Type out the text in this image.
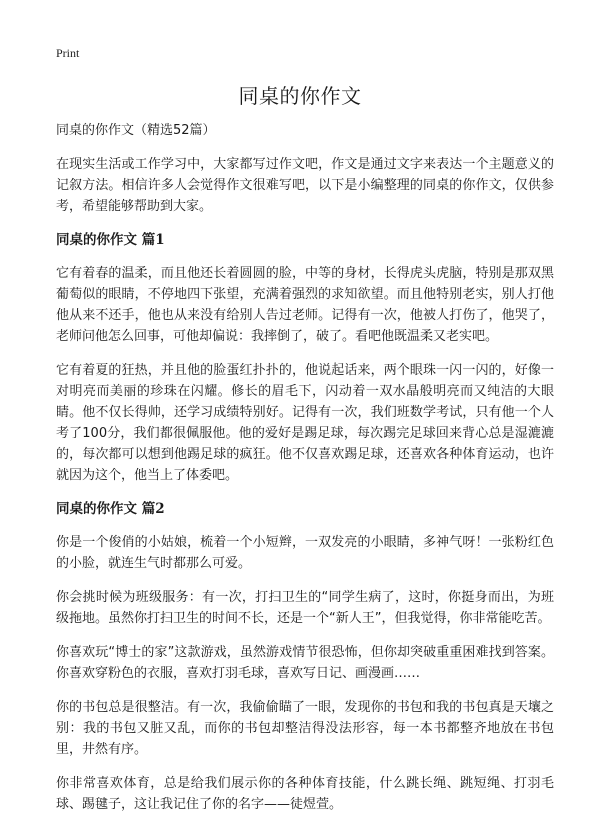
Print
同桌的你作文

同桌的你作文（精选52篇）

在现实生活或工作学习中，大家都写过作文吧，作文是通过文字来表达一个主题意义的记叙方法。相信许多人会觉得作文很难写吧，以下是小编整理的同桌的你作文，仅供参考，希望能够帮助到大家。

同桌的你作文 篇1

它有着春的温柔，而且他还长着圆圆的脸，中等的身材，长得虎头虎脑，特别是那双黑葡萄似的眼睛，不停地四下张望，充满着强烈的求知欲望。而且他特别老实，别人打他他从来不还手，他也从来没有给别人告过老师。记得有一次，他被人打伤了，他哭了，老师问他怎么回事，可他却偏说：我摔倒了，破了。看吧他既温柔又老实吧。

它有着夏的狂热，并且他的脸蛋红扑扑的，他说起话来，两个眼珠一闪一闪的，好像一对明亮而美丽的珍珠在闪耀。修长的眉毛下，闪动着一双水晶般明亮而又纯洁的大眼睛。他不仅长得帅，还学习成绩特别好。记得有一次，我们班数学考试，只有他一个人考了100分，我们都很佩服他。他的爱好是踢足球，每次踢完足球回来背心总是湿漉漉的，每次都可以想到他踢足球的疯狂。他不仅喜欢踢足球，还喜欢各种体育运动，也许就因为这个，他当上了体委吧。

同桌的你作文 篇2

你是一个俊俏的小姑娘，梳着一个小短辫，一双发亮的小眼睛，多神气呀！一张粉红色的小脸，就连生气时都那么可爱。

你会挑时候为班级服务：有一次，打扫卫生的“同学生病了，这时，你挺身而出，为班级拖地。虽然你打扫卫生的时间不长，还是一个“新人王”，但我觉得，你非常能吃苦。

你喜欢玩“博士的家”这款游戏，虽然游戏情节很恐怖，但你却突破重重困难找到答案。你喜欢穿粉色的衣服，喜欢打羽毛球，喜欢写日记、画漫画……

你的书包总是很整洁。有一次，我偷偷瞄了一眼，发现你的书包和我的书包真是天壤之别：我的书包又脏又乱，而你的书包却整洁得没法形容，每一本书都整齐地放在书包里，井然有序。

你非常喜欢体育，总是给我们展示你的各种体育技能，什么跳长绳、跳短绳、打羽毛球、踢毽子，这让我记住了你的名字——徒煜萱。
